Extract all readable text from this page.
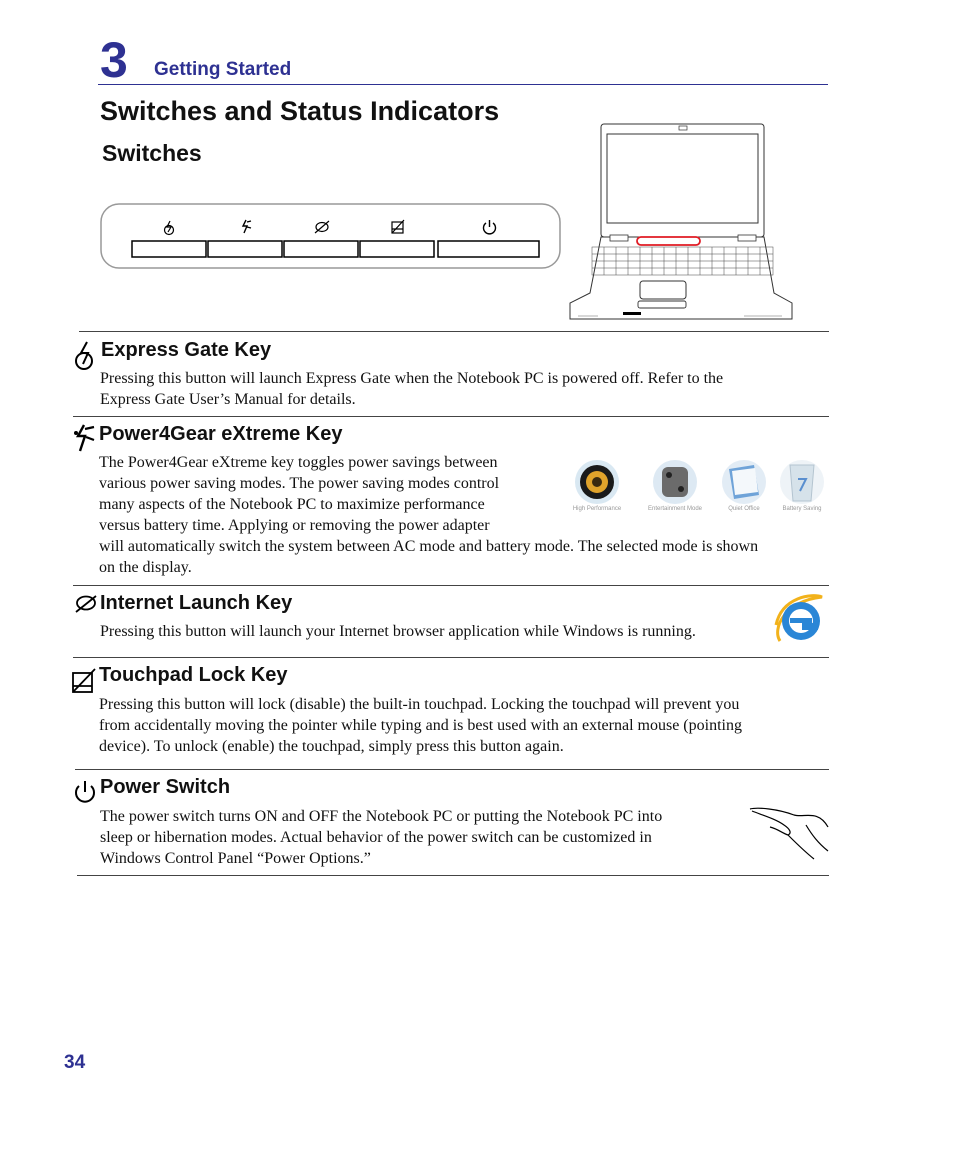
3 Getting Started
Switches and Status Indicators
Switches
Express Gate Key
Pressing this button will launch Express Gate when the Notebook PC is powered off. Refer to the
Express Gate User’s Manual for details.
Power4Gear eXtreme Key
The Power4Gear eXtreme key toggles power savings between
various power saving modes. The power saving modes control
many aspects of the Notebook PC to maximize performance
versus battery time. Applying or removing the power adapter
will automatically switch the system between AC mode and battery mode. The selected mode is shown
on the display.
High Performance	Entertainment Mode	Quiet Office	Battery Saving
Internet Launch Key
Pressing this button will launch your Internet browser application while Windows is running.
Touchpad Lock Key
Pressing this button will lock (disable) the built-in touchpad. Locking the touchpad will prevent you
from accidentally moving the pointer while typing and is best used with an external mouse (pointing
device). To unlock (enable) the touchpad, simply press this button again.
Power Switch
The power switch turns ON and OFF the Notebook PC or putting the Notebook PC into
sleep or hibernation modes. Actual behavior of the power switch can be customized in
Windows Control Panel “Power Options.”
34
